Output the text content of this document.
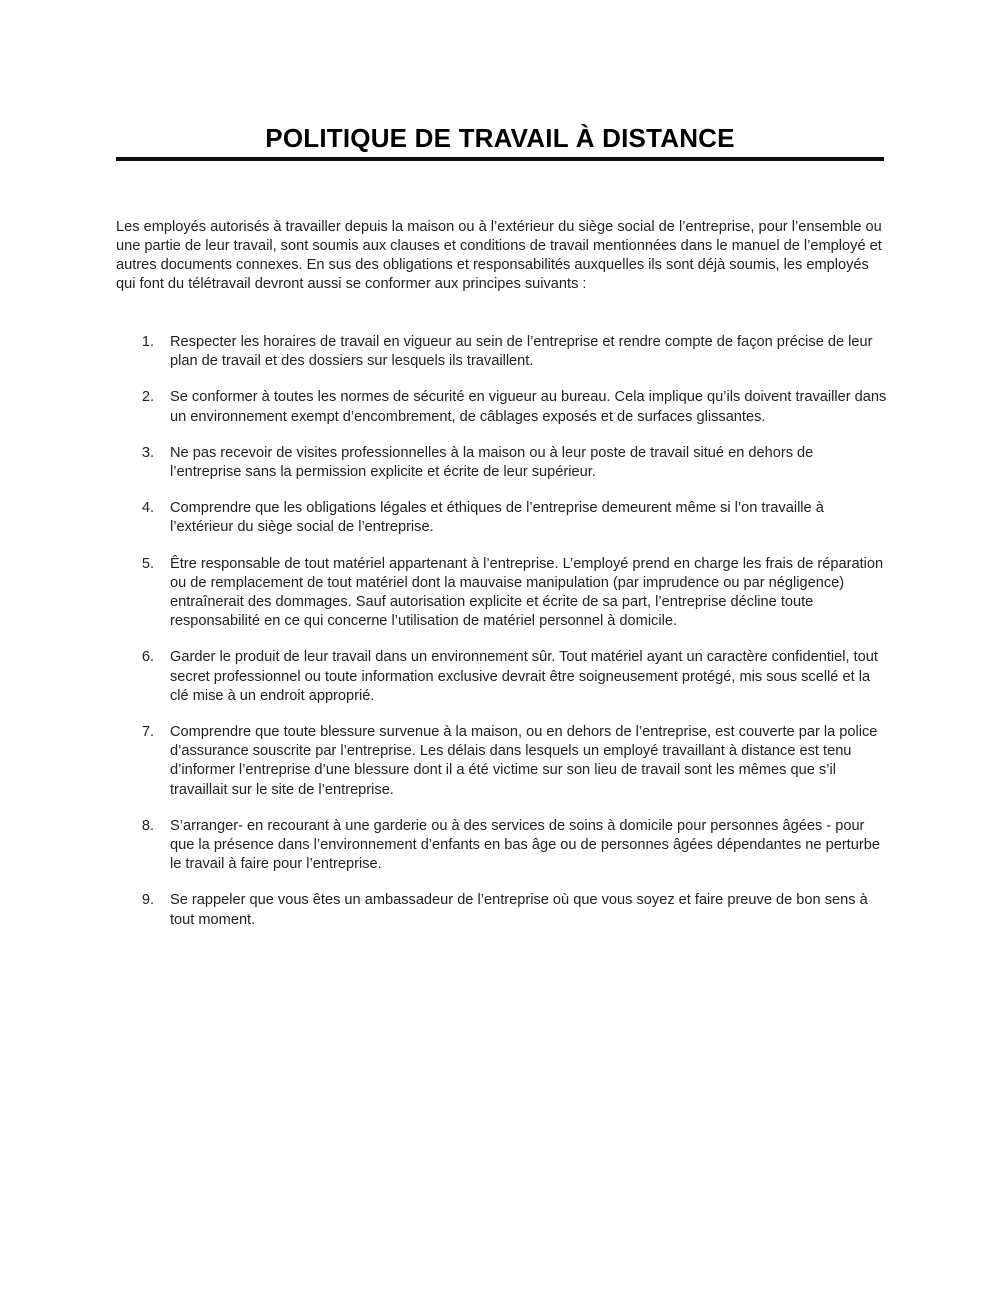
POLITIQUE DE TRAVAIL À DISTANCE

Les employés autorisés à travailler depuis la maison ou à l’extérieur du siège social de l’entreprise, pour l’ensemble ou une partie de leur travail, sont soumis aux clauses et conditions de travail mentionnées dans le manuel de l’employé et autres documents connexes. En sus des obligations et responsabilités auxquelles ils sont déjà soumis, les employés qui font du télétravail devront aussi se conformer aux principes suivants :

1. Respecter les horaires de travail en vigueur au sein de l’entreprise et rendre compte de façon précise de leur plan de travail et des dossiers sur lesquels ils travaillent.
2. Se conformer à toutes les normes de sécurité en vigueur au bureau. Cela implique qu’ils doivent travailler dans un environnement exempt d’encombrement, de câblages exposés et de surfaces glissantes.
3. Ne pas recevoir de visites professionnelles à la maison ou à leur poste de travail situé en dehors de l’entreprise sans la permission explicite et écrite de leur supérieur.
4. Comprendre que les obligations légales et éthiques de l’entreprise demeurent même si l’on travaille à l’extérieur du siège social de l’entreprise.
5. Être responsable de tout matériel appartenant à l’entreprise. L’employé prend en charge les frais de réparation ou de remplacement de tout matériel dont la mauvaise manipulation (par imprudence ou par négligence) entraînerait des dommages. Sauf autorisation explicite et écrite de sa part, l’entreprise décline toute responsabilité en ce qui concerne l’utilisation de matériel personnel à domicile.
6. Garder le produit de leur travail dans un environnement sûr. Tout matériel ayant un caractère confidentiel, tout secret professionnel ou toute information exclusive devrait être soigneusement protégé, mis sous scellé et la clé mise à un endroit approprié.
7. Comprendre que toute blessure survenue à la maison, ou en dehors de l’entreprise, est couverte par la police d’assurance souscrite par l’entreprise. Les délais dans lesquels un employé travaillant à distance est tenu d’informer l’entreprise d’une blessure dont il a été victime sur son lieu de travail sont les mêmes que s’il travaillait sur le site de l’entreprise.
8. S’arranger- en recourant à une garderie ou à des services de soins à domicile pour personnes âgées - pour que la présence dans l’environnement d’enfants en bas âge ou de personnes âgées dépendantes ne perturbe le travail à faire pour l’entreprise.
9. Se rappeler que vous êtes un ambassadeur de l’entreprise où que vous soyez et faire preuve de bon sens à tout moment.
